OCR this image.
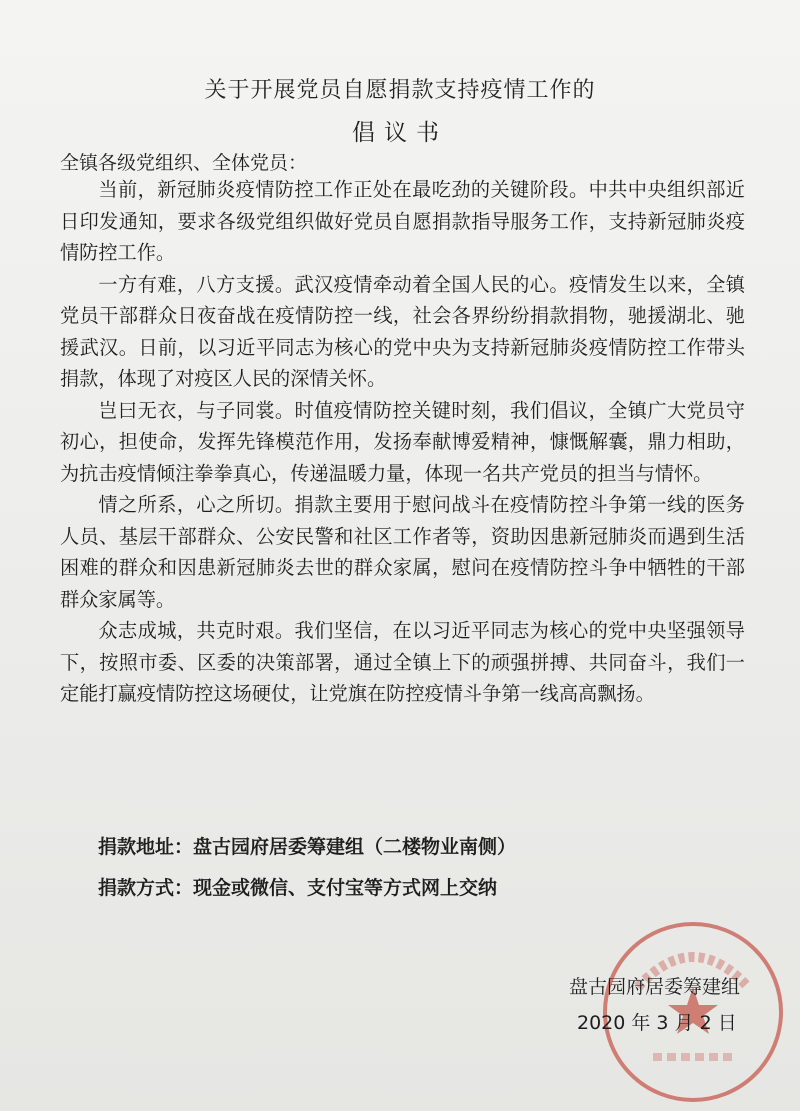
关于开展党员自愿捐款支持疫情工作的
倡议书
全镇各级党组织、全体党员：

当前，新冠肺炎疫情防控工作正处在最吃劲的关键阶段。中共中央组织部近日印发通知，要求各级党组织做好党员自愿捐款指导服务工作，支持新冠肺炎疫情防控工作。

一方有难，八方支援。武汉疫情牵动着全国人民的心。疫情发生以来，全镇党员干部群众日夜奋战在疫情防控一线，社会各界纷纷捐款捐物，驰援湖北、驰援武汉。日前，以习近平同志为核心的党中央为支持新冠肺炎疫情防控工作带头捐款，体现了对疫区人民的深情关怀。

岂曰无衣，与子同裳。时值疫情防控关键时刻，我们倡议，全镇广大党员守初心，担使命，发挥先锋模范作用，发扬奉献博爱精神，慷慨解囊，鼎力相助，为抗击疫情倾注拳拳真心，传递温暖力量，体现一名共产党员的担当与情怀。

情之所系，心之所切。捐款主要用于慰问战斗在疫情防控斗争第一线的医务人员、基层干部群众、公安民警和社区工作者等，资助因患新冠肺炎而遇到生活困难的群众和因患新冠肺炎去世的群众家属，慰问在疫情防控斗争中牺牲的干部群众家属等。

众志成城，共克时艰。我们坚信，在以习近平同志为核心的党中央坚强领导下，按照市委、区委的决策部署，通过全镇上下的顽强拼搏、共同奋斗，我们一定能打赢疫情防控这场硬仗，让党旗在防控疫情斗争第一线高高飘扬。

捐款地址：盘古园府居委筹建组（二楼物业南侧）
捐款方式：现金或微信、支付宝等方式网上交纳
盘古园府居委筹建组
2020 年 3 月 2 日
